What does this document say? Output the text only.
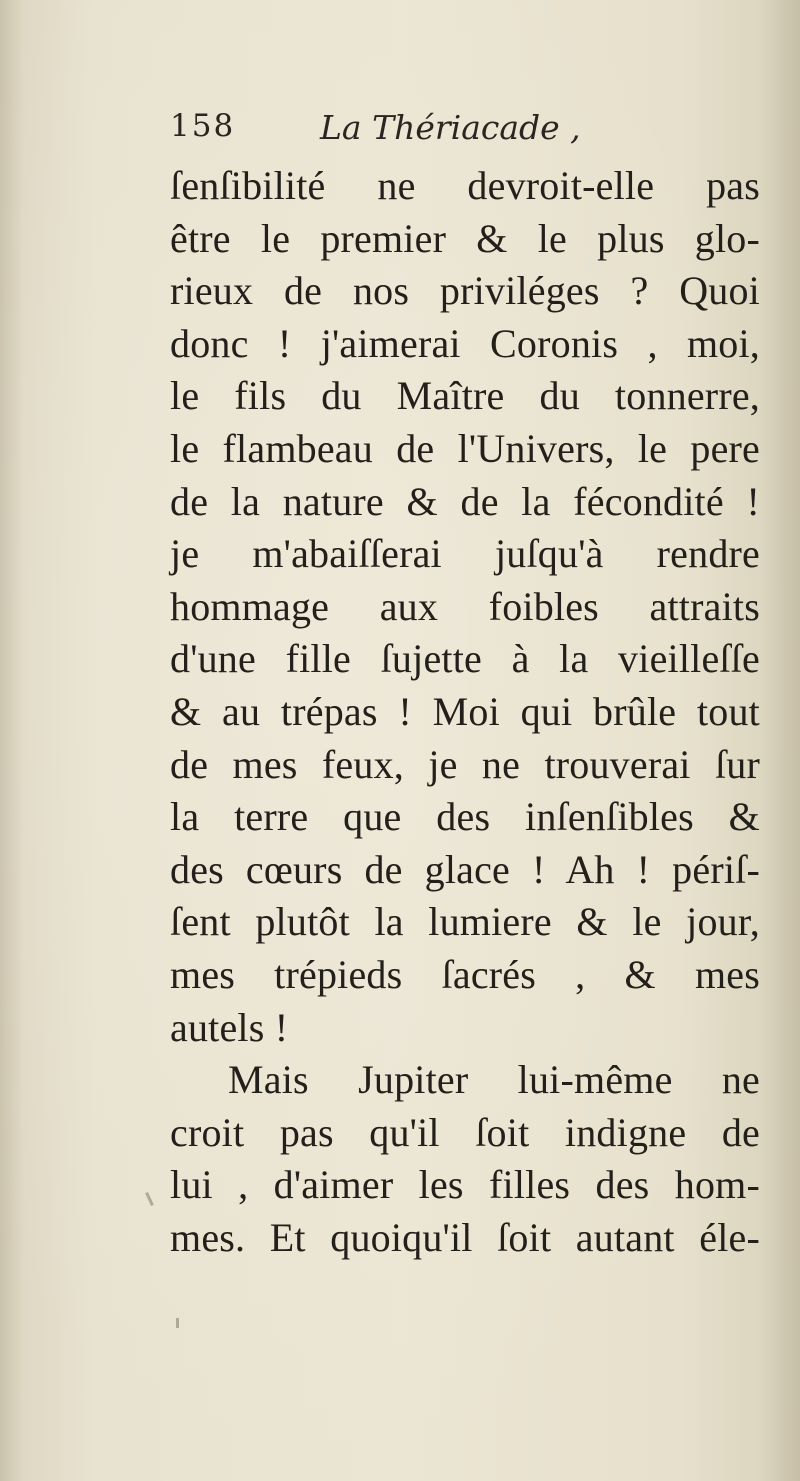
158	La Thériacade ,
ſenſibilité ne devroit-elle pas
être le premier & le plus glo-
rieux de nos priviléges ? Quoi
donc ! j'aimerai Coronis , moi,
le fils du Maître du tonnerre,
le flambeau de l'Univers, le pere
de la nature & de la fécondité !
je m'abaiſſerai juſqu'à rendre
hommage aux foibles attraits
d'une fille ſujette à la vieilleſſe
& au trépas ! Moi qui brûle tout
de mes feux, je ne trouverai ſur
la terre que des inſenſibles &
des cœurs de glace ! Ah ! périſ-
ſent plutôt la lumiere & le jour,
mes trépieds ſacrés , & mes
autels !
Mais Jupiter lui-même ne
croit pas qu'il ſoit indigne de
lui , d'aimer les filles des hom-
mes. Et quoiqu'il ſoit autant éle-
